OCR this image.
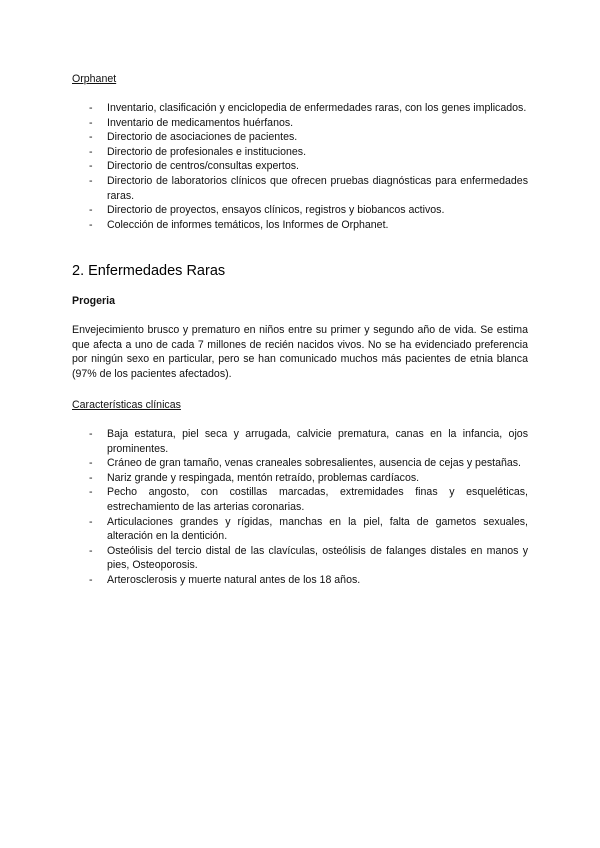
Orphanet
- Inventario, clasificación y enciclopedia de enfermedades raras, con los genes implicados.
- Inventario de medicamentos huérfanos.
- Directorio de asociaciones de pacientes.
- Directorio de profesionales e instituciones.
- Directorio de centros/consultas expertos.
- Directorio de laboratorios clínicos que ofrecen pruebas diagnósticas para enfermedades raras.
- Directorio de proyectos, ensayos clínicos, registros y biobancos activos.
- Colección de informes temáticos, los Informes de Orphanet.
2. Enfermedades Raras
Progeria

Envejecimiento brusco y prematuro en niños entre su primer y segundo año de vida. Se estima que afecta a uno de cada 7 millones de recién nacidos vivos. No se ha evidenciado preferencia por ningún sexo en particular, pero se han comunicado muchos más pacientes de etnia blanca (97% de los pacientes afectados).

Características clínicas
- Baja estatura, piel seca y arrugada, calvicie prematura, canas en la infancia, ojos prominentes.
- Cráneo de gran tamaño, venas craneales sobresalientes, ausencia de cejas y pestañas.
- Nariz grande y respingada, mentón retraído, problemas cardíacos.
- Pecho angosto, con costillas marcadas, extremidades finas y esqueléticas, estrechamiento de las arterias coronarias.
- Articulaciones grandes y rígidas, manchas en la piel, falta de gametos sexuales, alteración en la dentición.
- Osteólisis del tercio distal de las clavículas, osteólisis de falanges distales en manos y pies, Osteoporosis.
- Arterosclerosis y muerte natural antes de los 18 años.
